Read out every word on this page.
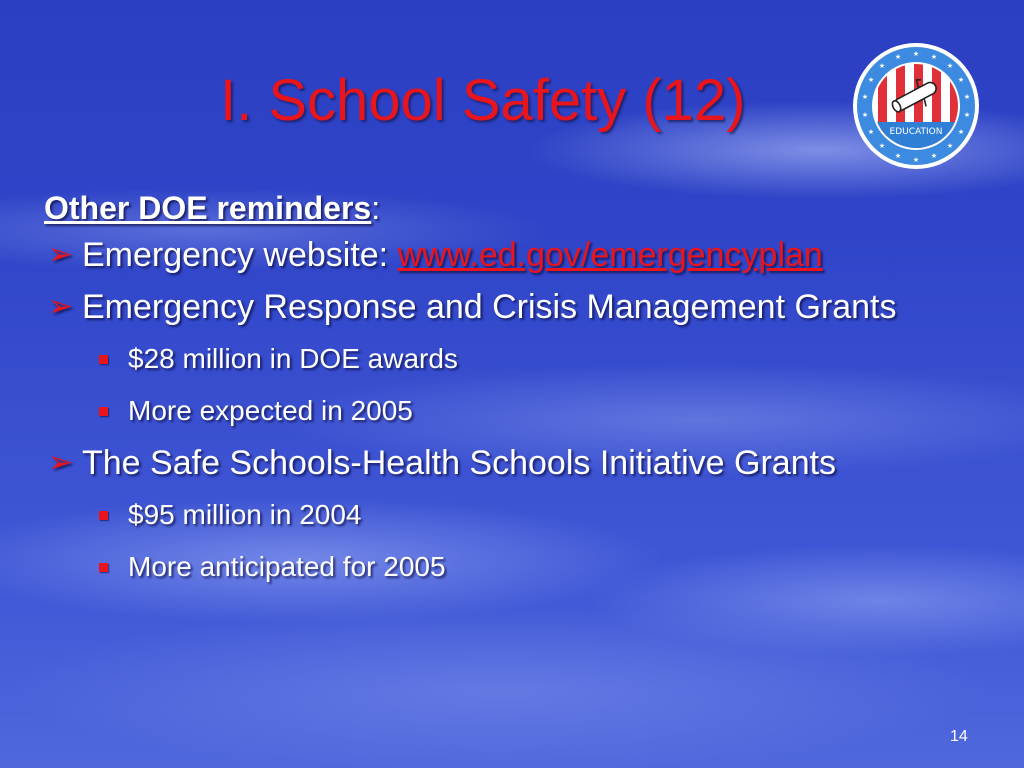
I. School Safety (12)
★ ★
★
★
★
★
★
★
★
★
★
★
★
★
★
★
★
★
EDUCATION

Other DOE reminders:

➢ Emergency website: www.ed.gov/emergencyplan
➢ Emergency Response and Crisis Management Grants
$28 million in DOE awards
More expected in 2005
➢ The Safe Schools-Health Schools Initiative Grants
$95 million in 2004
More anticipated for 2005
14
